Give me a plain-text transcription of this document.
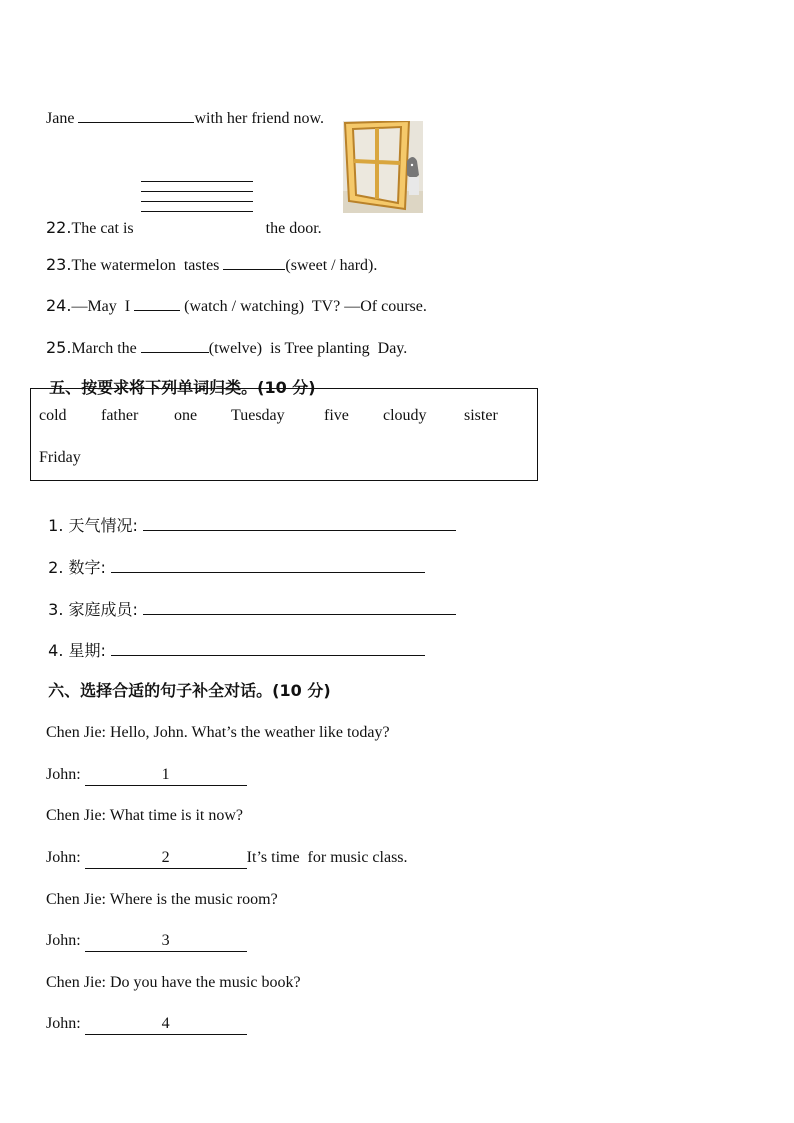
Jane	with her friend now.

22.The cat is	the door.

23.The watermelon  tastes	(sweet / hard).

24.—May  I	(watch / watching)  TV? —Of course.

25.March the	(twelve)  is Tree planting  Day.

五、按要求将下列单词归类。(10 分)

cold father one Tuesday five cloudy sister
Friday

1. 天气情况:

2. 数字:

3. 家庭成员:

4. 星期:

六、选择合适的句子补全对话。(10 分)

Chen Jie: Hello, John. What’s the weather like today?

John:	1

Chen Jie: What time is it now?

John:	2	It’s time  for music class.

Chen Jie: Where is the music room?

John:	3

Chen Jie: Do you have the music book?

John:	4
